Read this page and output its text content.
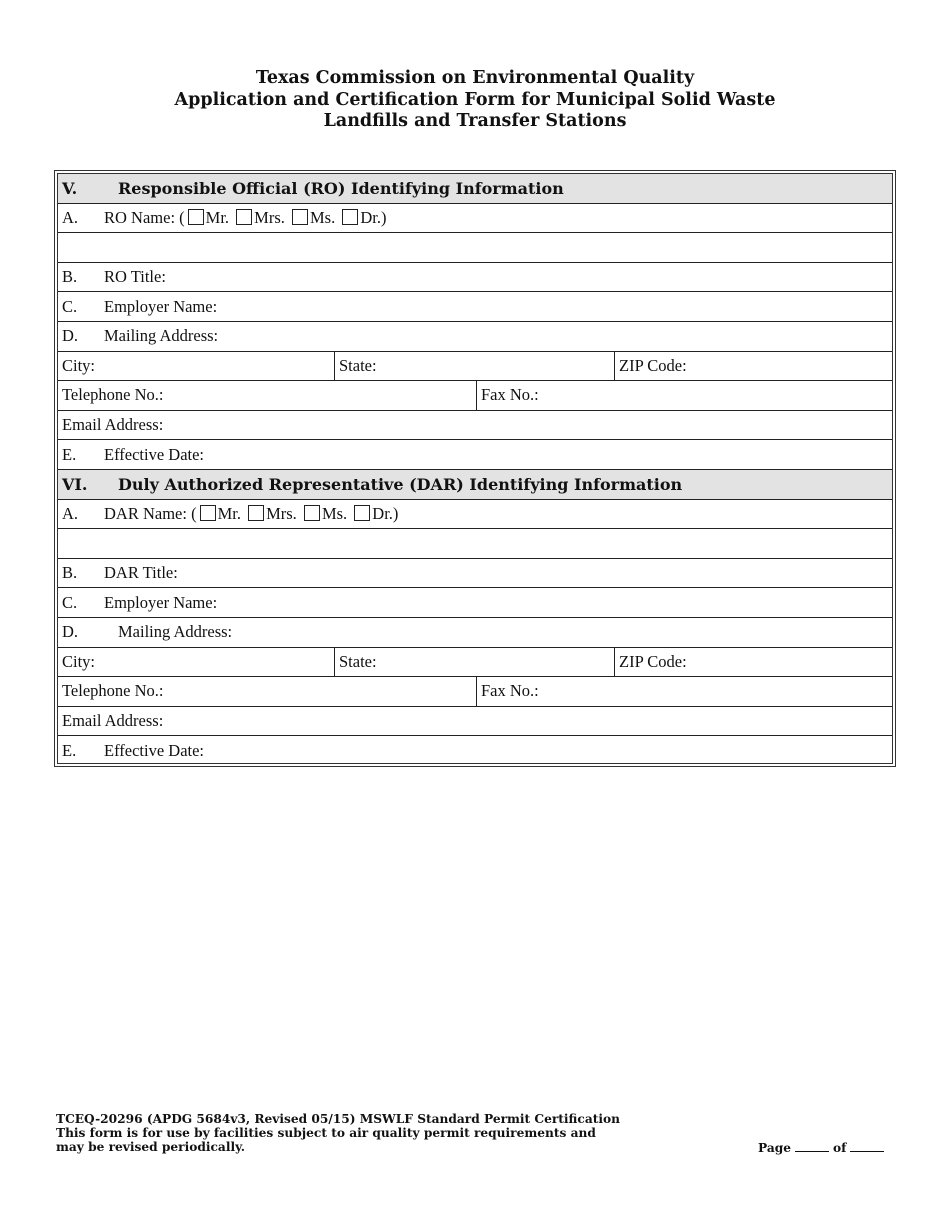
Texas Commission on Environmental Quality
Application and Certification Form for Municipal Solid Waste
Landfills and Transfer Stations
V.	Responsible Official (RO) Identifying Information
A. RO Name: ( Mr. Mrs. Ms. Dr.)
B. RO Title:
C. Employer Name:
D. Mailing Address:
City:	State:	ZIP Code:
Telephone No.:	Fax No.:
Email Address:
E. Effective Date:
VI. Duly Authorized Representative (DAR) Identifying Information
A. DAR Name: ( Mr. Mrs. Ms. Dr.)
B. DAR Title:
C. Employer Name:
D. Mailing Address:
City:	State:	ZIP Code:
Telephone No.:	Fax No.:
Email Address:
E. Effective Date:
TCEQ-20296 (APDG 5684v3, Revised 05/15) MSWLF Standard Permit Certification
This form is for use by facilities subject to air quality permit requirements and
may be revised periodically.	Page	of
